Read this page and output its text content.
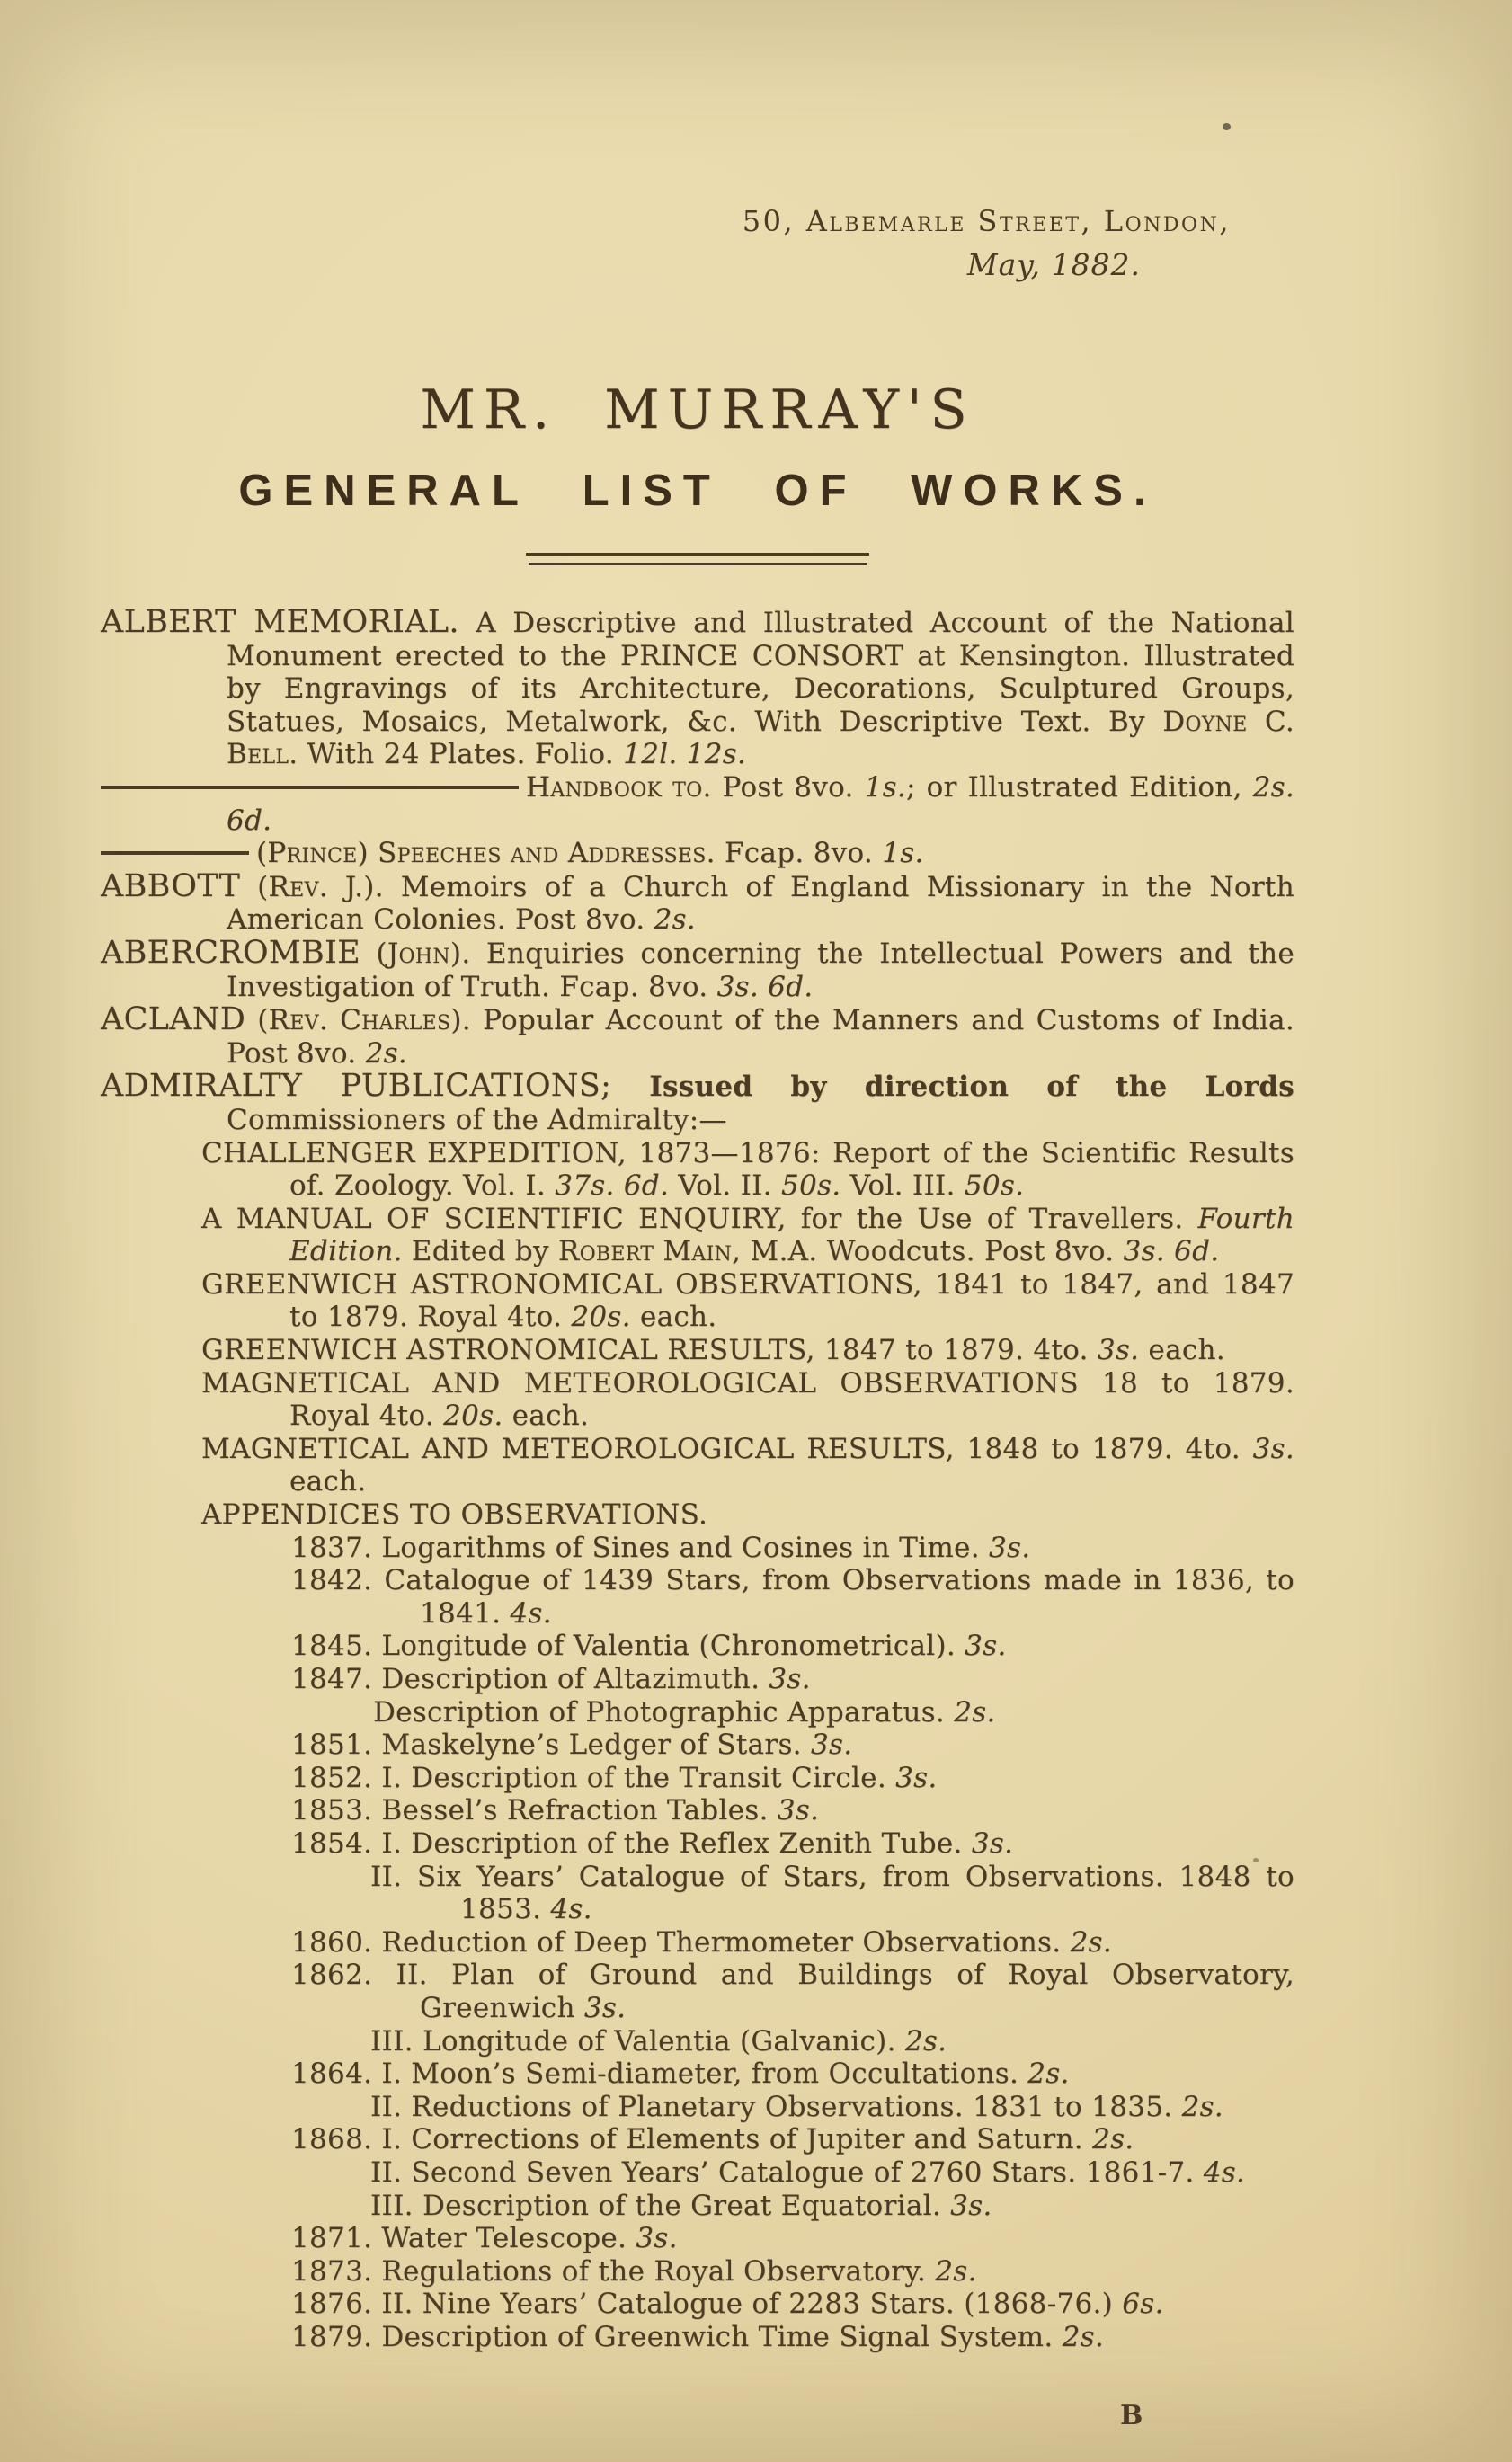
50, Albemarle Street, London,
May, 1882.
MR. MURRAY'S
GENERAL LIST OF WORKS.

ALBERT MEMORIAL. A Descriptive and Illustrated Account of the National Monument erected to the PRINCE CONSORT at Kensington. Illustrated by Engravings of its Architecture, Decorations, Sculptured Groups, Statues, Mosaics, Metalwork, &c. With Descriptive Text. By Doyne C. Bell. With 24 Plates. Folio. 12l. 12s.

Handbook to. Post 8vo. 1s.; or Illustrated Edition, 2s. 6d.

(Prince) Speeches and Addresses. Fcap. 8vo. 1s.

ABBOTT (Rev. J.). Memoirs of a Church of England Missionary in the North American Colonies. Post 8vo. 2s.

ABERCROMBIE (John). Enquiries concerning the Intellectual Powers and the Investigation of Truth. Fcap. 8vo. 3s. 6d.

ACLAND (Rev. Charles). Popular Account of the Manners and Customs of India. Post 8vo. 2s.

ADMIRALTY PUBLICATIONS; Issued by direction of the Lords Commissioners of the Admiralty:—

CHALLENGER EXPEDITION, 1873—1876: Report of the Scientific Results of. Zoology. Vol. I. 37s. 6d. Vol. II. 50s. Vol. III. 50s.

A MANUAL OF SCIENTIFIC ENQUIRY, for the Use of Travellers. Fourth Edition. Edited by Robert Main, M.A. Woodcuts. Post 8vo. 3s. 6d.

GREENWICH ASTRONOMICAL OBSERVATIONS, 1841 to 1847, and 1847 to 1879. Royal 4to. 20s. each.

GREENWICH ASTRONOMICAL RESULTS, 1847 to 1879. 4to. 3s. each.

MAGNETICAL AND METEOROLOGICAL OBSERVATIONS 18 to 1879. Royal 4to. 20s. each.

MAGNETICAL AND METEOROLOGICAL RESULTS, 1848 to 1879. 4to. 3s. each.

APPENDICES TO OBSERVATIONS.

1837. Logarithms of Sines and Cosines in Time. 3s.

1842. Catalogue of 1439 Stars, from Observations made in 1836, to 1841. 4s.

1845. Longitude of Valentia (Chronometrical). 3s.

1847. Description of Altazimuth. 3s.

Description of Photographic Apparatus. 2s.

1851. Maskelyne’s Ledger of Stars. 3s.

1852. I. Description of the Transit Circle. 3s.

1853. Bessel’s Refraction Tables. 3s.

1854. I. Description of the Reflex Zenith Tube. 3s.

II. Six Years’ Catalogue of Stars, from Observations. 1848 to 1853. 4s.

1860. Reduction of Deep Thermometer Observations. 2s.

1862. II. Plan of Ground and Buildings of Royal Observatory, Greenwich 3s.

III. Longitude of Valentia (Galvanic). 2s.

1864. I. Moon’s Semi-diameter, from Occultations. 2s.

II. Reductions of Planetary Observations. 1831 to 1835. 2s.

1868. I. Corrections of Elements of Jupiter and Saturn. 2s.

II. Second Seven Years’ Catalogue of 2760 Stars. 1861-7. 4s.

III. Description of the Great Equatorial. 3s.

1871. Water Telescope. 3s.

1873. Regulations of the Royal Observatory. 2s.

1876. II. Nine Years’ Catalogue of 2283 Stars. (1868-76.) 6s.

1879. Description of Greenwich Time Signal System. 2s.

B
